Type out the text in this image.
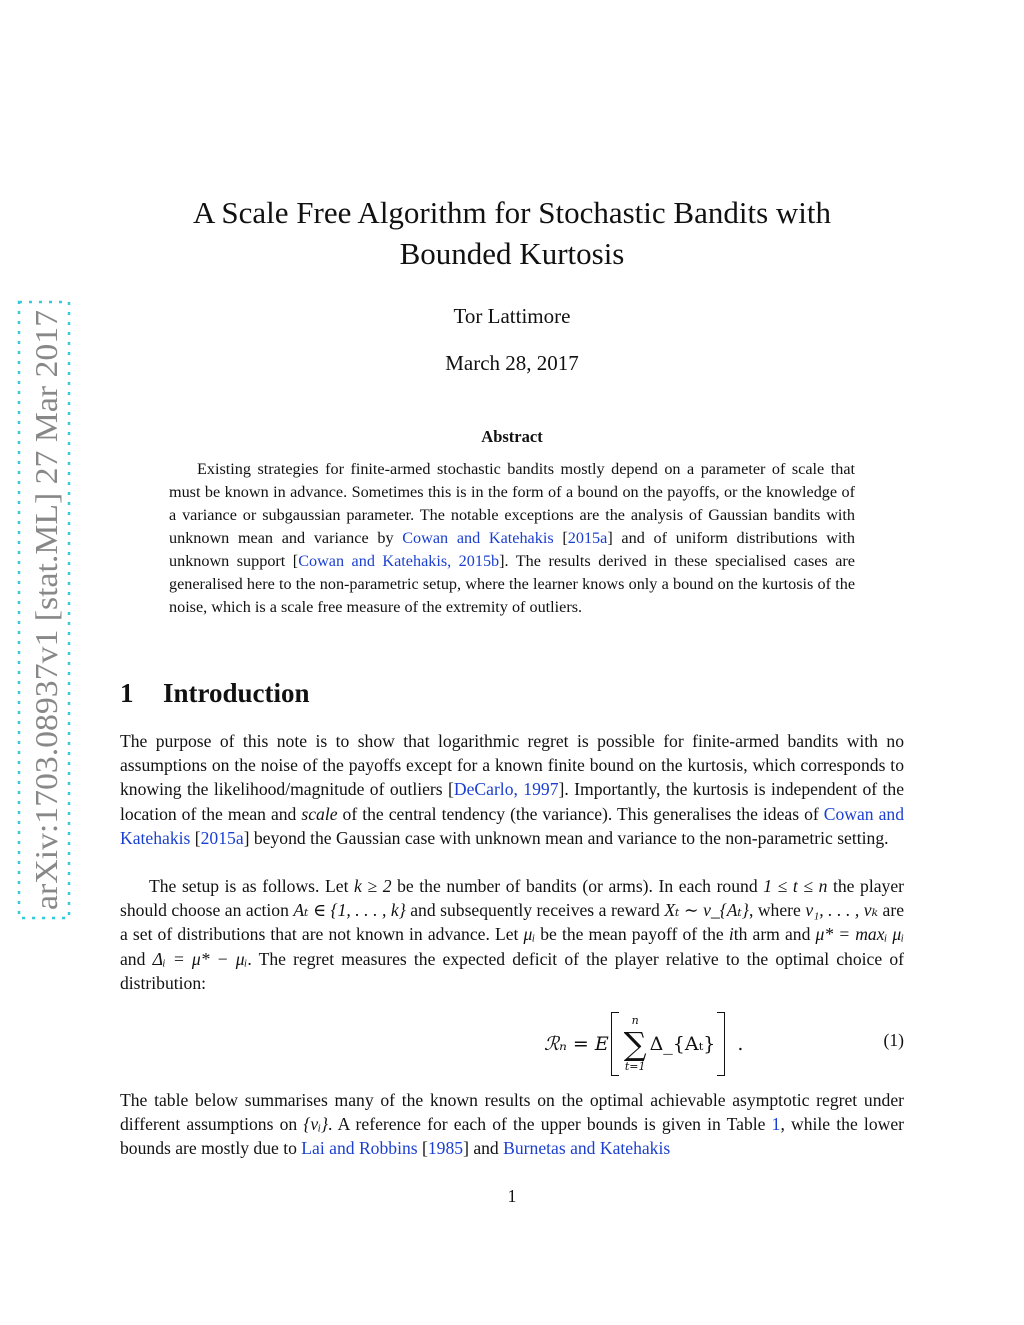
arXiv:1703.08937v1 [stat.ML] 27 Mar 2017
A Scale Free Algorithm for Stochastic Bandits with
Bounded Kurtosis
Tor Lattimore
March 28, 2017
Abstract

Existing strategies for finite-armed stochastic bandits mostly depend on a parameter of scale that must be known in advance. Sometimes this is in the form of a bound on the payoffs, or the knowledge of a variance or subgaussian parameter. The notable exceptions are the analysis of Gaussian bandits with unknown mean and variance by Cowan and Katehakis [2015a] and of uniform distributions with unknown support [Cowan and Katehakis, 2015b]. The results derived in these specialised cases are generalised here to the non-parametric setup, where the learner knows only a bound on the kurtosis of the noise, which is a scale free measure of the extremity of outliers.

1 Introduction

The purpose of this note is to show that logarithmic regret is possible for finite-armed bandits with no assumptions on the noise of the payoffs except for a known finite bound on the kurtosis, which corresponds to knowing the likelihood/magnitude of outliers [DeCarlo, 1997]. Importantly, the kurtosis is independent of the location of the mean and scale of the central tendency (the variance). This generalises the ideas of Cowan and Katehakis [2015a] beyond the Gaussian case with unknown mean and variance to the non-parametric setting.

The setup is as follows. Let k ≥ 2 be the number of bandits (or arms). In each round 1 ≤ t ≤ n the player should choose an action Aₜ ∈ {1, . . . , k} and subsequently receives a reward Xₜ ∼ ν_{Aₜ}, where ν₁, . . . , νₖ are a set of distributions that are not known in advance. Let μᵢ be the mean payoff of the ith arm and μ* = maxᵢ μᵢ and Δᵢ = μ* − μᵢ. The regret measures the expected deficit of the player relative to the optimal choice of distribution:

ℛₙ = E
n
∑
t=1
Δ_{Aₜ} .	(1)

The table below summarises many of the known results on the optimal achievable asymptotic regret under different assumptions on {νᵢ}. A reference for each of the upper bounds is given in Table 1, while the lower bounds are mostly due to Lai and Robbins [1985] and Burnetas and Katehakis

1
